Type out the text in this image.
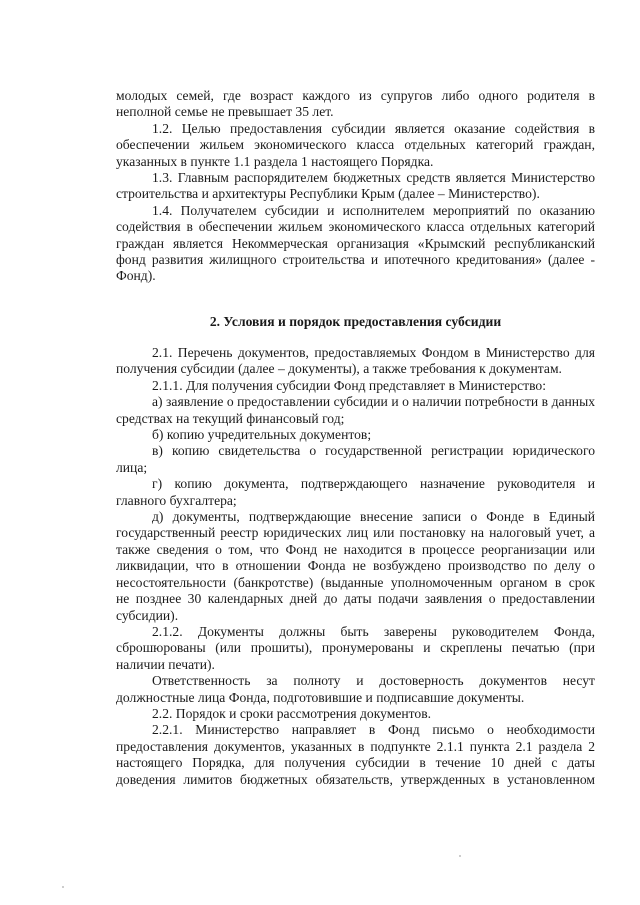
молодых семей, где возраст каждого из супругов либо одного родителя в
неполной семье не превышает 35 лет.
1.2. Целью предоставления субсидии является оказание содействия в
обеспечении жильем экономического класса отдельных категорий граждан,
указанных в пункте 1.1 раздела 1 настоящего Порядка.
1.3. Главным распорядителем бюджетных средств является Министерство
строительства и архитектуры Республики Крым (далее – Министерство).
1.4. Получателем субсидии и исполнителем мероприятий по оказанию
содействия в обеспечении жильем экономического класса отдельных категорий
граждан является Некоммерческая организация «Крымский республиканский
фонд развития жилищного строительства и ипотечного кредитования» (далее -
Фонд).
2. Условия и порядок предоставления субсидии
2.1. Перечень документов, предоставляемых Фондом в Министерство для
получения субсидии (далее – документы), а также требования к документам.
2.1.1. Для получения субсидии Фонд представляет в Министерство:
а) заявление о предоставлении субсидии и о наличии потребности в данных
средствах на текущий финансовый год;
б) копию учредительных документов;
в) копию свидетельства о государственной регистрации юридического
лица;
г) копию документа, подтверждающего назначение руководителя и
главного бухгалтера;
д) документы, подтверждающие внесение записи о Фонде в Единый
государственный реестр юридических лиц или постановку на налоговый учет, а
также сведения о том, что Фонд не находится в процессе реорганизации или
ликвидации, что в отношении Фонда не возбуждено производство по делу о
несостоятельности (банкротстве) (выданные уполномоченным органом в срок
не позднее 30 календарных дней до даты подачи заявления о предоставлении
субсидии).
2.1.2. Документы должны быть заверены руководителем Фонда,
сброшюрованы (или прошиты), пронумерованы и скреплены печатью (при
наличии печати).
Ответственность за полноту и достоверность документов несут
должностные лица Фонда, подготовившие и подписавшие документы.
2.2. Порядок и сроки рассмотрения документов.
2.2.1. Министерство направляет в Фонд письмо о необходимости
предоставления документов, указанных в подпункте 2.1.1 пункта 2.1 раздела 2
настоящего Порядка, для получения субсидии в течение 10 дней с даты
доведения лимитов бюджетных обязательств, утвержденных в установленном
